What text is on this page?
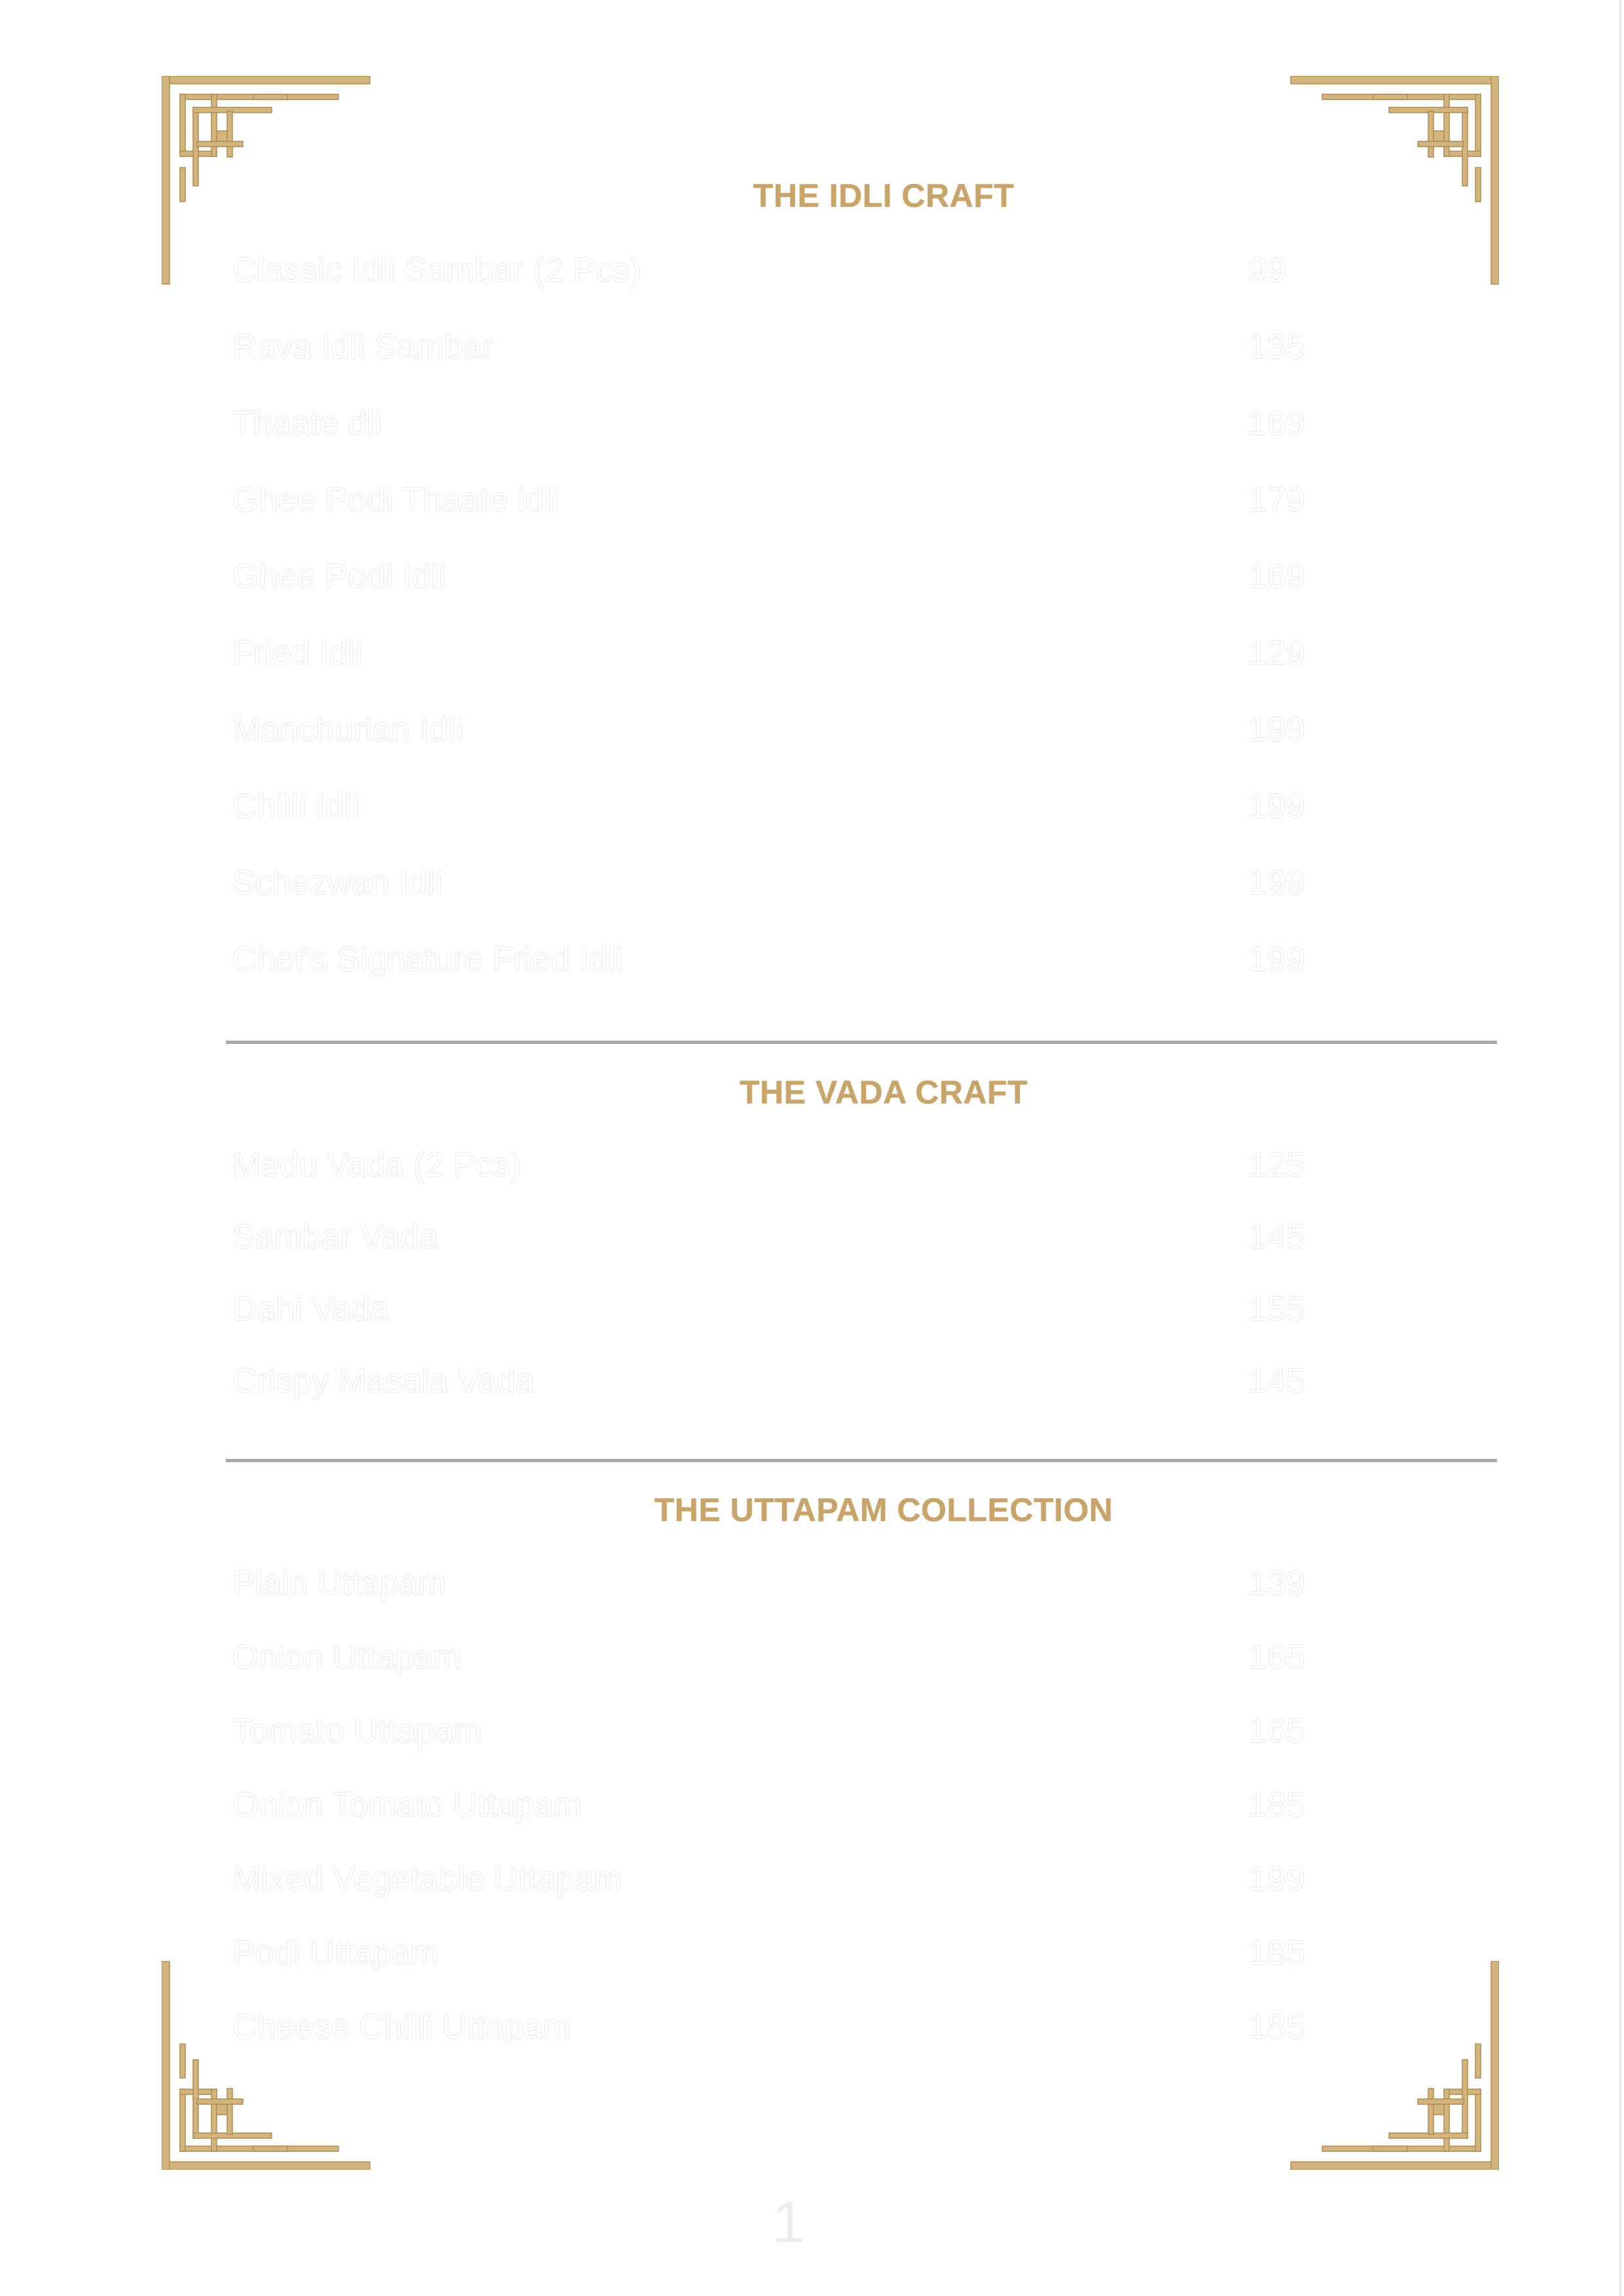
THE IDLI CRAFT
Classic Idli Sambar (2 Pcs)	99
Rava Idli Sambar	135
Thaate dli	169
Ghee Podi Thaate idli	179
Ghee Podi Idli	169
Fried Idli	129
Manchurian Idli	199
Chilli Idli	199
Schezwan Idli	199
Chef's Signature Fried Idli	199
THE VADA CRAFT
Medu Vada (2 Pcs)	125
Sambar Vada	145
Dahi Vada	155
Crispy Masala Vada	145
THE UTTAPAM COLLECTION
Plain Uttapam	139
Onion Uttapam	165
Tomato Uttapam	165
Onion Tomato Uttapam	185
Mixed Vegetable Uttapam	199
Podi Uttapam	185
Cheese Chilli Uttapam	185
1
